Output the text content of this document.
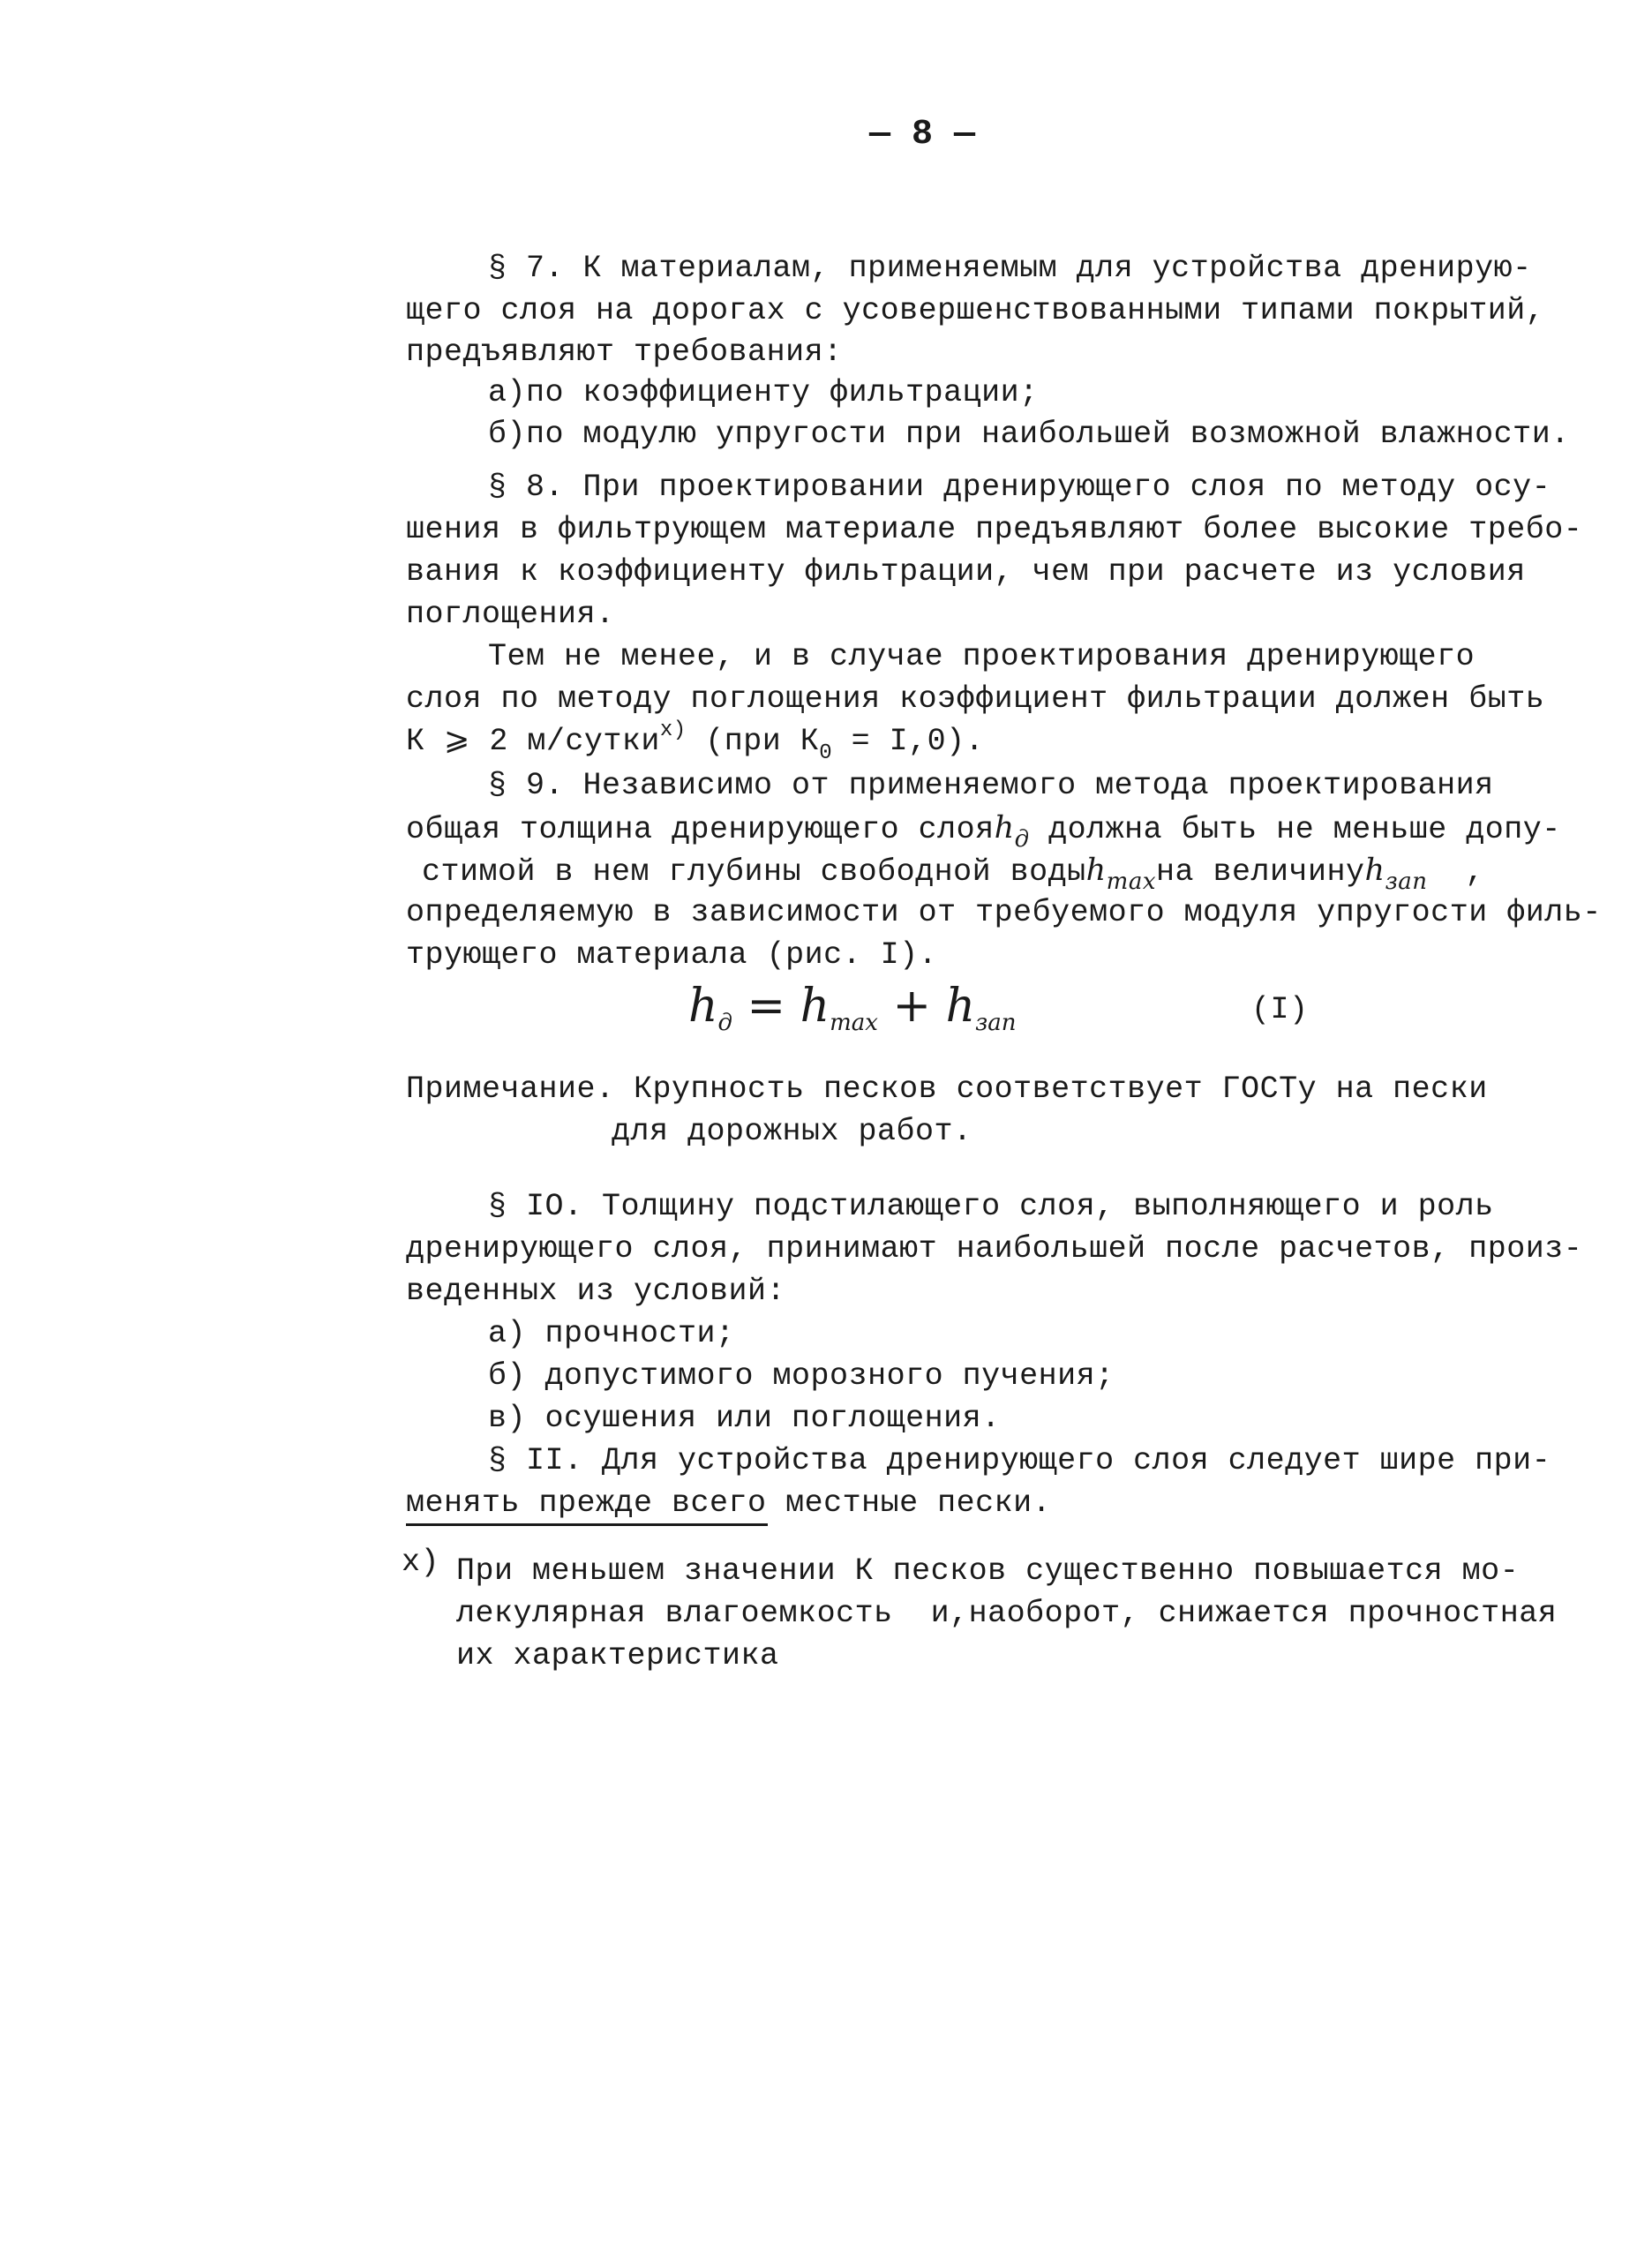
— 8 —
§ 7. К материалам, применяемым для устройства дренирую-
щего слоя на дорогах с усовершенствованными типами покрытий,
предъявляют требования:
а)по коэффициенту фильтрации;
б)по модулю упругости при наибольшей возможной влажности.
§ 8. При проектировании дренирующего слоя по методу осу-
шения в фильтрующем материале предъявляют более высокие требо-
вания к коэффициенту фильтрации, чем при расчете из условия
поглощения.
Тем не менее, и в случае проектирования дренирующего
слоя по методу поглощения коэффициент фильтрации должен быть
К ⩾ 2 м/сутки$^{x)}$ (при $К_0 = I,0$).
§ 9. Независимо от применяемого метода проектирования
общая толщина дренирующего слояh$_д$ должна быть не меньше допу-
стимой в нем глубины свободной водыh$_{max}$на величинуh$_{зап}$  ,
определяемую в зависимости от требуемого модуля упругости филь-
трующего материала (рис. I).
hд = hmax + hзап	(I)
Примечание. Крупность песков соответствует ГОСТу на пески
для дорожных работ.
§ IO. Толщину подстилающего слоя, выполняющего и роль
дренирующего слоя, принимают наибольшей после расчетов, произ-
веденных из условий:
а) прочности;
б) допустимого морозного пучения;
в) осушения или поглощения.
§ II. Для устройства дренирующего слоя следует шире при-
менять прежде всего местные пески.
x) При меньшем значении К песков существенно повышается мо-
лекулярная влагоемкость  и,наоборот, снижается прочностная
их характеристика
